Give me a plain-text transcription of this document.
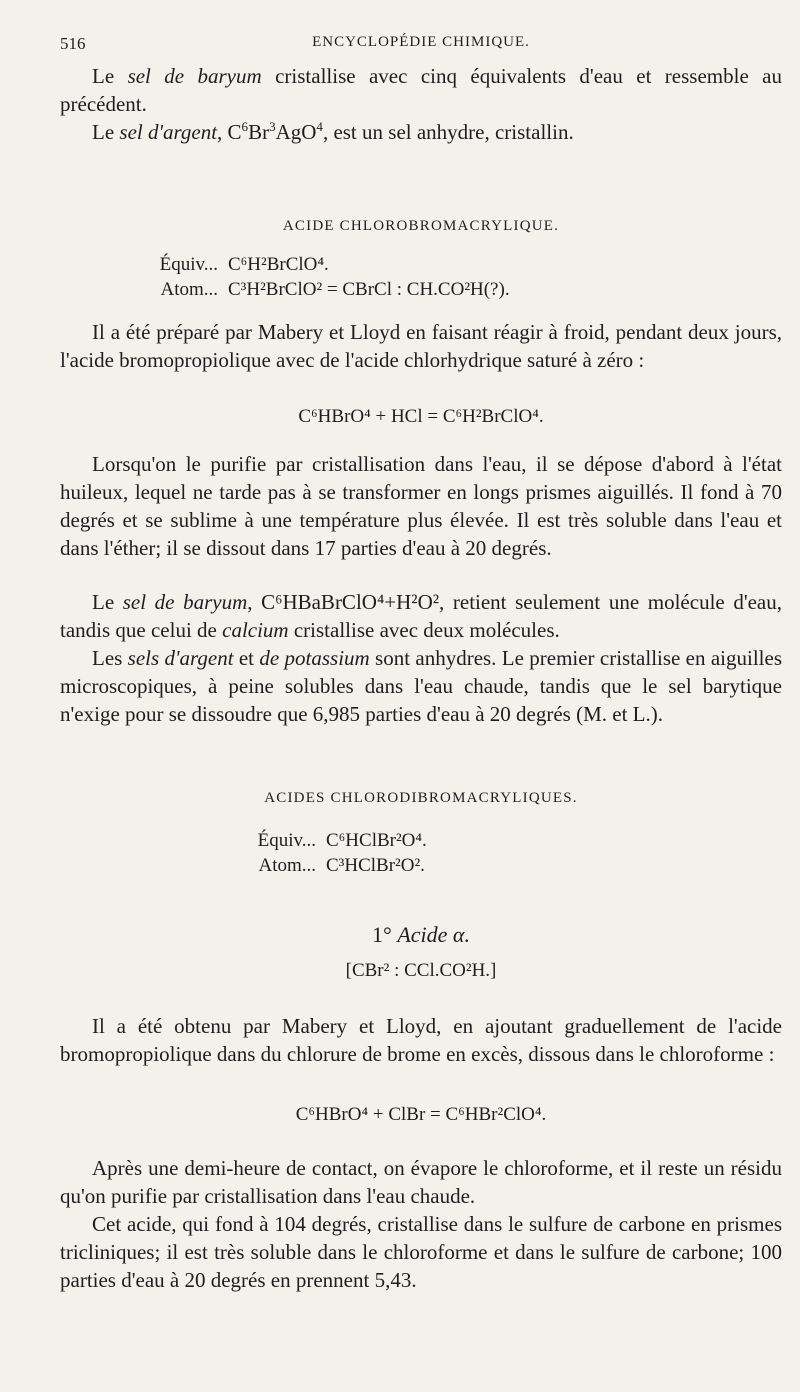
516	ENCYCLOPÉDIE CHIMIQUE.

Le sel de baryum cristallise avec cinq équivalents d'eau et ressemble au précédent.

Le sel d'argent, $C^6Br^3AgO^4$, est un sel anhydre, cristallin.

ACIDE CHLOROBROMACRYLIQUE.
Équiv... C⁶H²BrClO⁴.
Atom... C³H²BrClO² = CBrCl : CH.CO²H(?).

Il a été préparé par Mabery et Lloyd en faisant réagir à froid, pendant deux jours, l'acide bromopropiolique avec de l'acide chlorhydrique saturé à zéro :

C⁶HBrO⁴ + HCl = C⁶H²BrClO⁴.

Lorsqu'on le purifie par cristallisation dans l'eau, il se dépose d'abord à l'état huileux, lequel ne tarde pas à se transformer en longs prismes aiguillés. Il fond à 70 degrés et se sublime à une température plus élevée. Il est très soluble dans l'eau et dans l'éther; il se dissout dans 17 parties d'eau à 20 degrés.

Le sel de baryum, C⁶HBaBrClO⁴+H²O², retient seulement une molécule d'eau, tandis que celui de calcium cristallise avec deux molécules.

Les sels d'argent et de potassium sont anhydres. Le premier cristallise en aiguilles microscopiques, à peine solubles dans l'eau chaude, tandis que le sel barytique n'exige pour se dissoudre que 6,985 parties d'eau à 20 degrés (M. et L.).

ACIDES CHLORODIBROMACRYLIQUES.
Équiv... C⁶HClBr²O⁴.
Atom... C³HClBr²O².
1° Acide α.
[CBr² : CCl.CO²H.]

Il a été obtenu par Mabery et Lloyd, en ajoutant graduellement de l'acide bromopropiolique dans du chlorure de brome en excès, dissous dans le chloroforme :

C⁶HBrO⁴ + ClBr = C⁶HBr²ClO⁴.

Après une demi-heure de contact, on évapore le chloroforme, et il reste un résidu qu'on purifie par cristallisation dans l'eau chaude.

Cet acide, qui fond à 104 degrés, cristallise dans le sulfure de carbone en prismes tricliniques; il est très soluble dans le chloroforme et dans le sulfure de carbone; 100 parties d'eau à 20 degrés en prennent 5,43.
